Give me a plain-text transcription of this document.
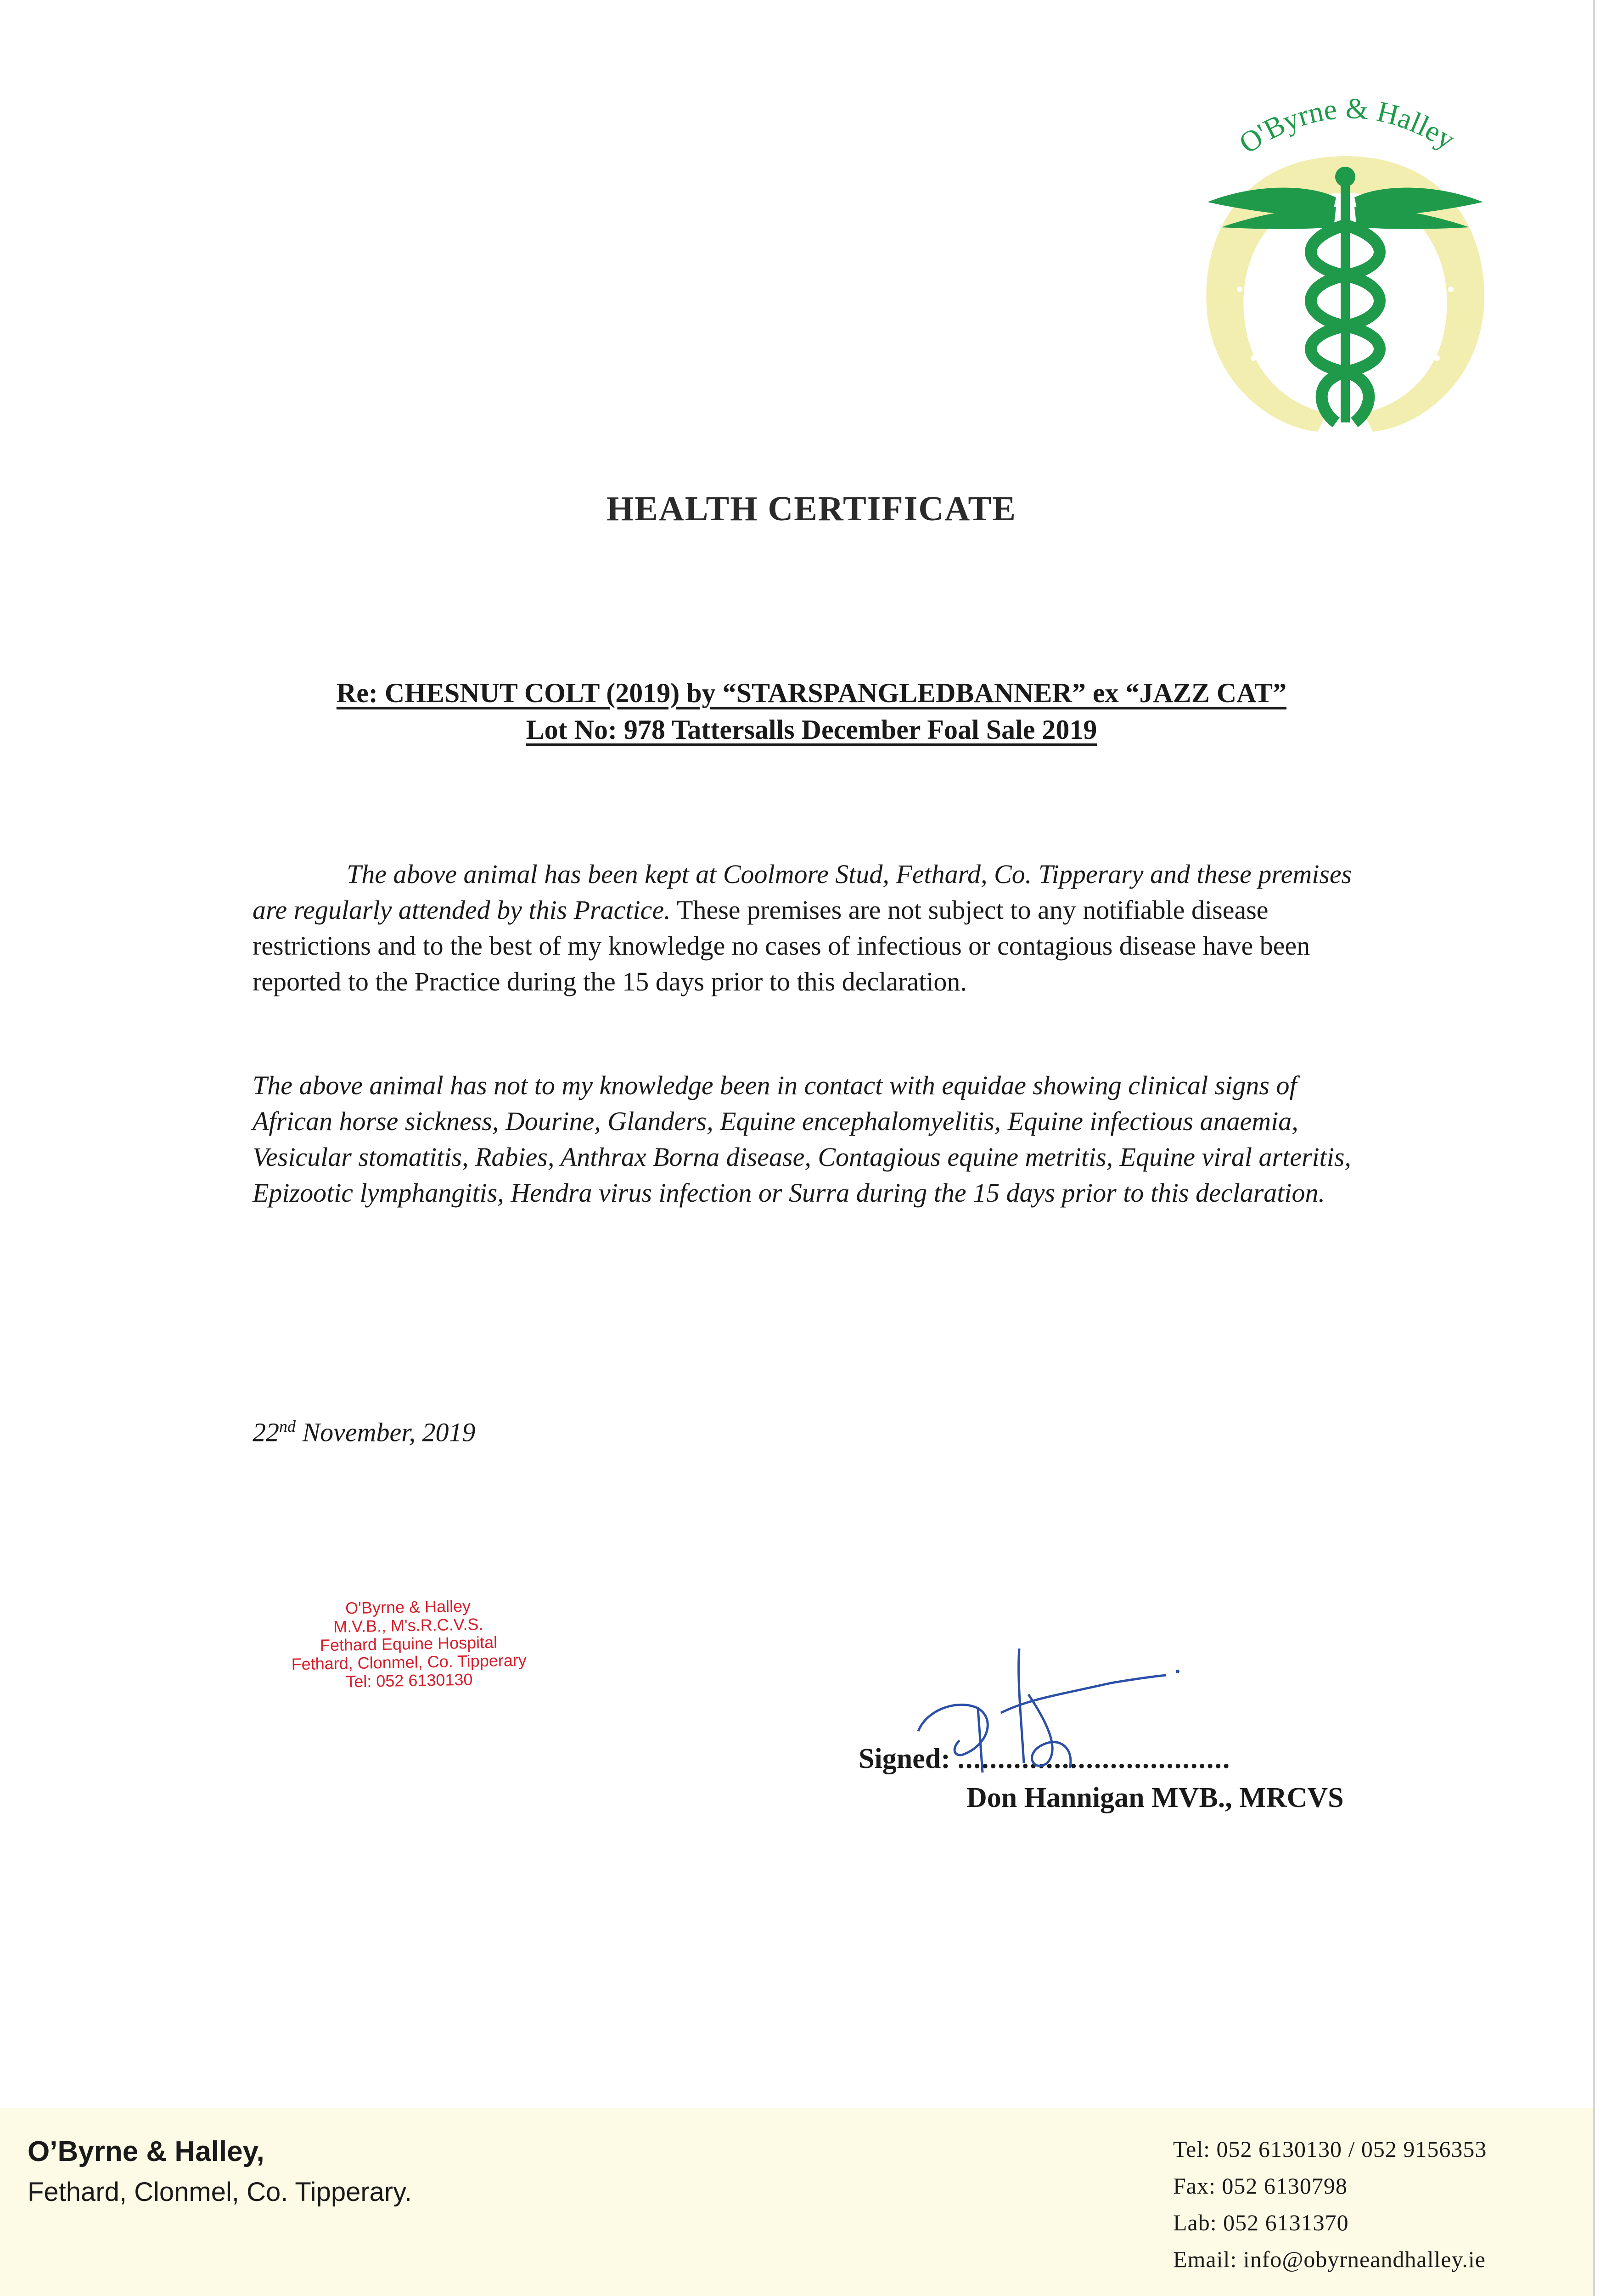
O'Byrne & Halley
HEALTH CERTIFICATE
Re: CHESNUT COLT (2019) by “STARSPANGLEDBANNER” ex “JAZZ CAT”
Lot No: 978 Tattersalls December Foal Sale 2019
The above animal has been kept at Coolmore Stud, Fethard, Co. Tipperary and these premises are regularly attended by this Practice. These premises are not subject to any notifiable disease restrictions and to the best of my knowledge no cases of infectious or contagious disease have been reported to the Practice during the 15 days prior to this declaration.
The above animal has not to my knowledge been in contact with equidae showing clinical signs of African horse sickness, Dourine, Glanders, Equine encephalomyelitis, Equine infectious anaemia, Vesicular stomatitis, Rabies, Anthrax Borna disease, Contagious equine metritis, Equine viral arteritis, Epizootic lymphangitis, Hendra virus infection or Surra during the 15 days prior to this declaration.
22nd November, 2019
O'Byrne & Halley
M.V.B., M's.R.C.V.S.
Fethard Equine Hospital
Fethard, Clonmel, Co. Tipperary
Tel: 052 6130130
Signed: ..................................
Don Hannigan MVB., MRCVS
O’Byrne & Halley,
Fethard, Clonmel, Co. Tipperary.
Tel: 052 6130130 / 052 9156353
Fax: 052 6130798
Lab: 052 6131370
Email: info@obyrneandhalley.ie
